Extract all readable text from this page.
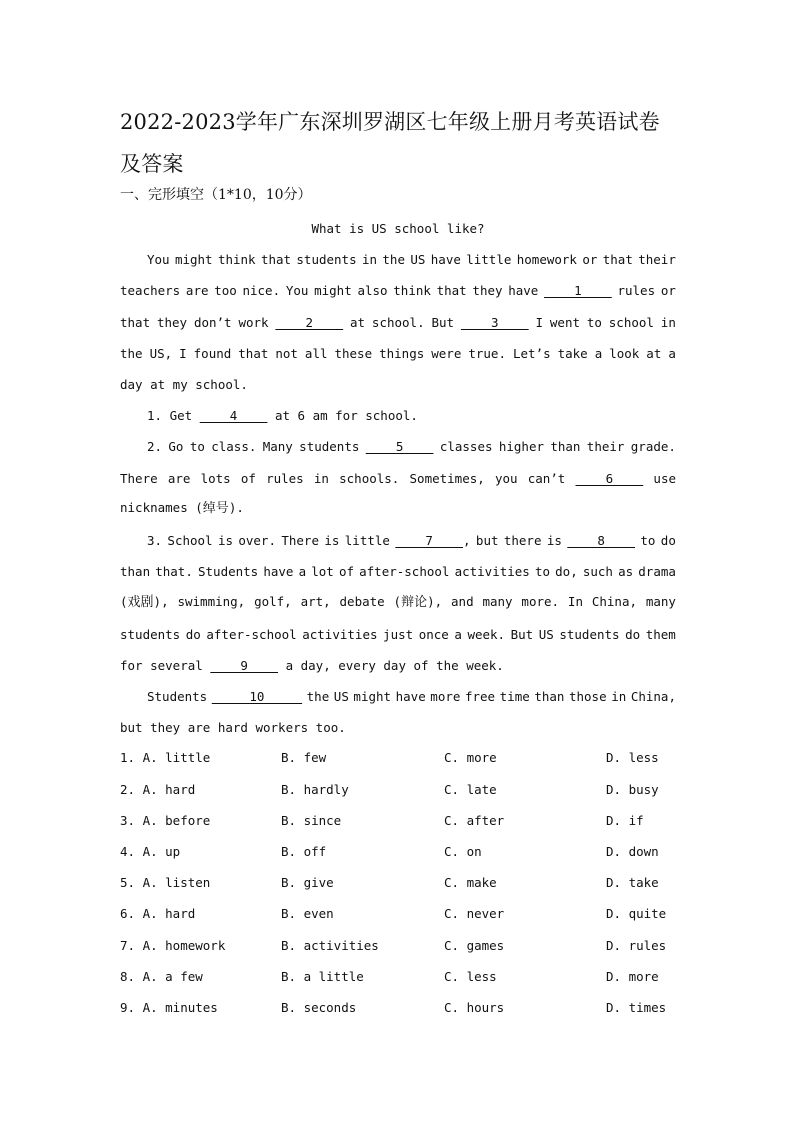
2022-2023学年广东深圳罗湖区七年级上册月考英语试卷及答案
一、完形填空（1*10，10分）
What is US school like?
You might think that students in the US have little homework or that their
teachers are too nice. You might also think that they have 1 rules or
that they don’t work 2 at school. But 3 I went to school in
the US, I found that not all these things were true. Let’s take a look at a
day at my school.
1. Get     4     at 6 am for school.
2. Go to class. Many students 5 classes higher than their grade.
There are lots of rules in schools. Sometimes, you can’t 6 use
nicknames (绰号).
3. School is over. There is little 7    , but there is 8 to do
than that. Students have a lot of after-school activities to do, such as drama
(戏剧), swimming, golf, art, debate (辩论), and many more. In China, many
students do after-school activities just once a week. But US students do them
for several     9     a day, every day of the week.
Students 10 the US might have more free time than those in China,
but they are hard workers too.
1. A. little	B. few	C. more	D. less
2. A. hard	B. hardly	C. late	D. busy
3. A. before	B. since	C. after	D. if
4. A. up	B. off	C. on	D. down
5. A. listen	B. give	C. make	D. take
6. A. hard	B. even	C. never	D. quite
7. A. homework	B. activities	C. games	D. rules
8. A. a few	B. a little	C. less	D. more
9. A. minutes	B. seconds	C. hours	D. times
